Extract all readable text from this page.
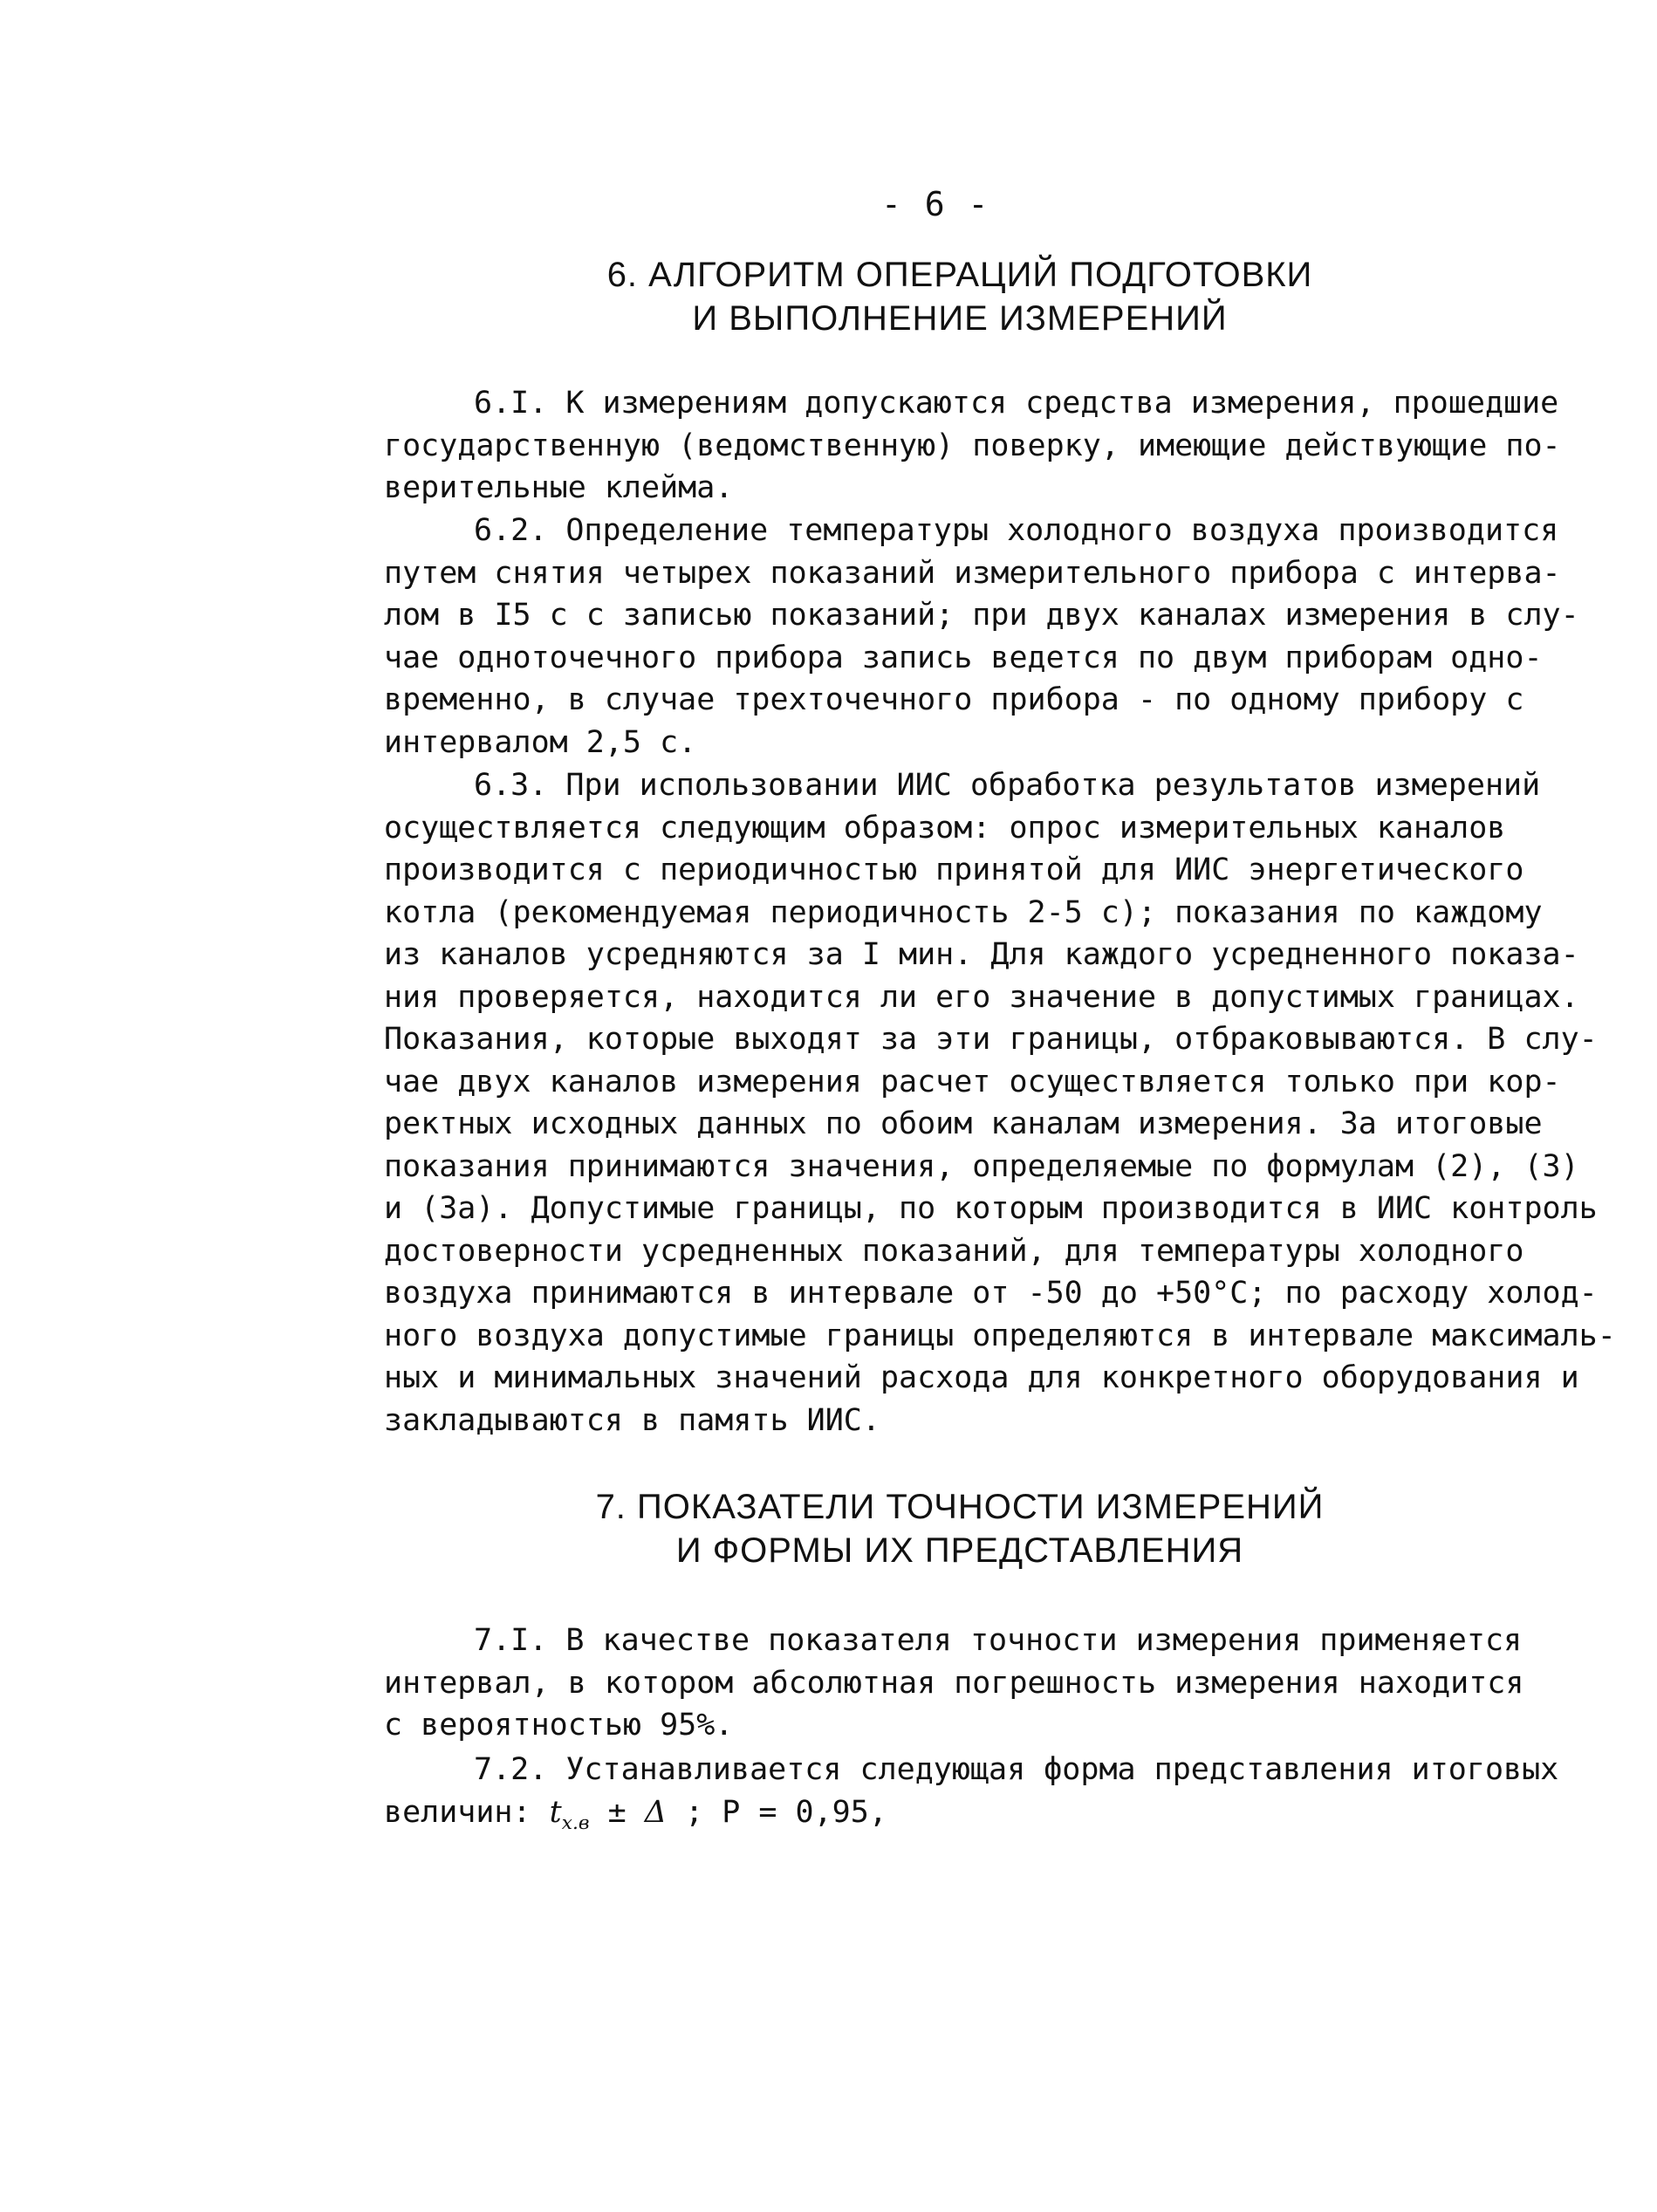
- 6 -
6. АЛГОРИТМ ОПЕРАЦИЙ ПОДГОТОВКИ
И ВЫПОЛНЕНИЕ ИЗМЕРЕНИЙ
6.I. К измерениям допускаются средства измерения, прошедшие
государственную (ведомственную) поверку, имеющие действующие по-
верительные клейма.
6.2. Определение температуры холодного воздуха производится
путем снятия четырех показаний измерительного прибора с интерва-
лом в I5 с с записью показаний; при двух каналах измерения в слу-
чае одноточечного прибора запись ведется по двум приборам одно-
временно, в случае трехточечного прибора - по одному прибору с
интервалом 2,5 с.
6.3. При использовании ИИС обработка результатов измерений
осуществляется следующим образом: опрос измерительных каналов
производится с периодичностью принятой для ИИС энергетического
котла (рекомендуемая периодичность 2-5 с); показания по каждому
из каналов усредняются за I мин. Для каждого усредненного показа-
ния проверяется, находится ли его значение в допустимых границах.
Показания, которые выходят за эти границы, отбраковываются. В слу-
чае двух каналов измерения расчет осуществляется только при кор-
ректных исходных данных по обоим каналам измерения. За итоговые
показания принимаются значения, определяемые по формулам (2), (3)
и (3а). Допустимые границы, по которым производится в ИИС контроль
достоверности усредненных показаний, для температуры холодного
воздуха принимаются в интервале от -50 до +50°С; по расходу холод-
ного воздуха допустимые границы определяются в интервале максималь-
ных и минимальных значений расхода для конкретного оборудования и
закладываются в память ИИС.
7. ПОКАЗАТЕЛИ ТОЧНОСТИ ИЗМЕРЕНИЙ
И ФОРМЫ ИХ ПРЕДСТАВЛЕНИЯ
7.I. В качестве показателя точности измерения применяется
интервал, в котором абсолютная погрешность измерения находится
с вероятностью 95%.
7.2. Устанавливается следующая форма представления итоговых
величин: $t_{х.в} \pm \Delta$ ; Р = 0,95,
